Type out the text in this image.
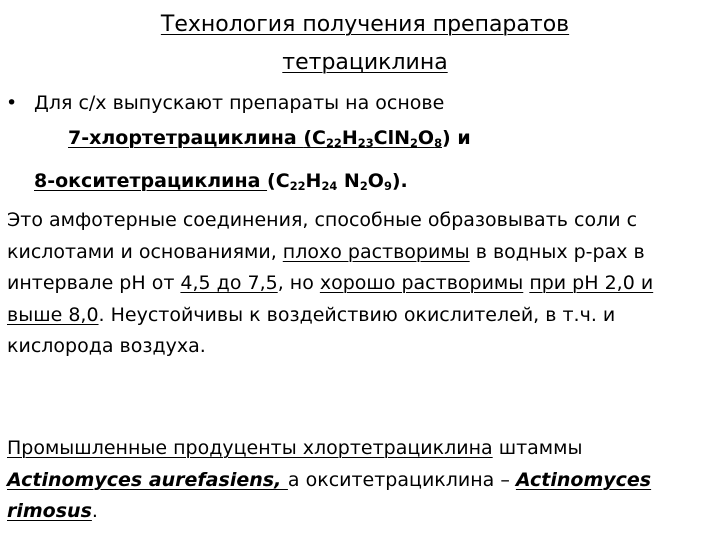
Технология получения препаратов
тетрациклина
• Для с/х выпускают препараты на основе
7-хлортетрациклина $(С_{22}Н_{23}ClN_2O_8)$ и
8-окситетрациклина ($С_{22}Н_{24}$ $N_2O_9$).
Это амфотерные соединения, способные образовывать соли с кислотами и основаниями, плохо растворимы в водных р-рах в интервале рН от 4,5 до 7,5, но хорошо растворимы при рН 2,0 и выше 8,0. Неустойчивы к воздействию окислителей, в т.ч. и кислорода воздуха.
Промышленные продуценты хлортетрациклина штаммы Actinomyces aurefasiens, а окситетрациклина – Actinomyces rimosus.
